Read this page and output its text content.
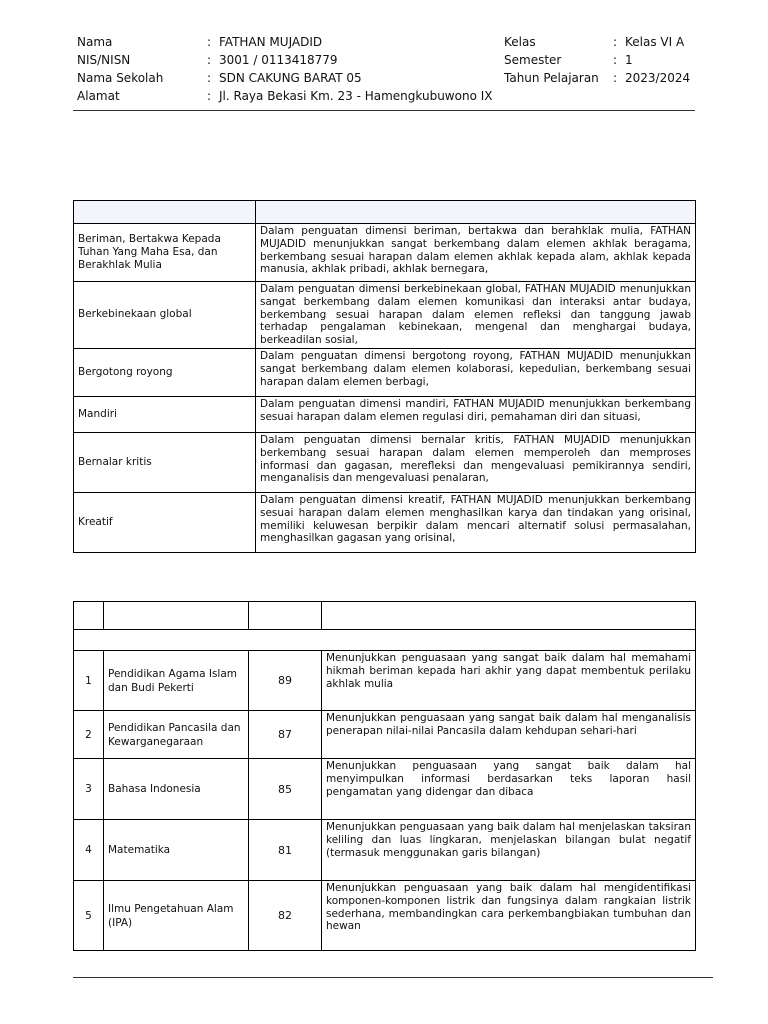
Nama	: FATHAN MUJADID
NIS/NISN	: 3001 / 0113418779
Nama Sekolah	: SDN CAKUNG BARAT 05
Alamat	: Jl. Raya Bekasi Km. 23 - Hamengkubuwono IX
Kelas	: Kelas VI A
Semester	: 1
Tahun Pelajaran	: 2023/2024

Beriman, Bertakwa Kepada Tuhan Yang Maha Esa, dan Berakhlak Mulia	Dalam penguatan dimensi beriman, bertakwa dan berahklak mulia, FATHAN MUJADID menunjukkan sangat berkembang dalam elemen akhlak beragama, berkembang sesuai harapan dalam elemen akhlak kepada alam, akhlak kepada manusia, akhlak pribadi, akhlak bernegara,
Berkebinekaan global	Dalam penguatan dimensi berkebinekaan global, FATHAN MUJADID menunjukkan sangat berkembang dalam elemen komunikasi dan interaksi antar budaya, berkembang sesuai harapan dalam elemen refleksi dan tanggung jawab terhadap pengalaman kebinekaan, mengenal dan menghargai budaya, berkeadilan sosial,
Bergotong royong	Dalam penguatan dimensi bergotong royong, FATHAN MUJADID menunjukkan sangat berkembang dalam elemen kolaborasi, kepedulian, berkembang sesuai harapan dalam elemen berbagi,
Mandiri	Dalam penguatan dimensi mandiri, FATHAN MUJADID menunjukkan berkembang sesuai harapan dalam elemen regulasi diri, pemahaman diri dan situasi,
Bernalar kritis	Dalam penguatan dimensi bernalar kritis, FATHAN MUJADID menunjukkan berkembang sesuai harapan dalam elemen memperoleh dan memproses informasi dan gagasan, merefleksi dan mengevaluasi pemikirannya sendiri, menganalisis dan mengevaluasi penalaran,
Kreatif	Dalam penguatan dimensi kreatif, FATHAN MUJADID menunjukkan berkembang sesuai harapan dalam elemen menghasilkan karya dan tindakan yang orisinal, memiliki keluwesan berpikir dalam mencari alternatif solusi permasalahan, menghasilkan gagasan yang orisinal,

1	Pendidikan Agama Islam dan Budi Pekerti	89	Menunjukkan penguasaan yang sangat baik dalam hal memahami hikmah beriman kepada hari akhir yang dapat membentuk perilaku akhlak mulia
2	Pendidikan Pancasila dan Kewarganegaraan	87	Menunjukkan penguasaan yang sangat baik dalam hal menganalisis penerapan nilai-nilai Pancasila dalam kehdupan sehari-hari
3	Bahasa Indonesia	85	Menunjukkan penguasaan yang sangat baik dalam hal menyimpulkan informasi berdasarkan teks laporan hasil pengamatan yang didengar dan dibaca
4	Matematika	81	Menunjukkan penguasaan yang baik dalam hal menjelaskan taksiran keliling dan luas lingkaran, menjelaskan bilangan bulat negatif (termasuk menggunakan garis bilangan)
5	Ilmu Pengetahuan Alam (IPA)	82	Menunjukkan penguasaan yang baik dalam hal mengidentifikasi komponen-komponen listrik dan fungsinya dalam rangkaian listrik sederhana, membandingkan cara perkembangbiakan tumbuhan dan hewan
